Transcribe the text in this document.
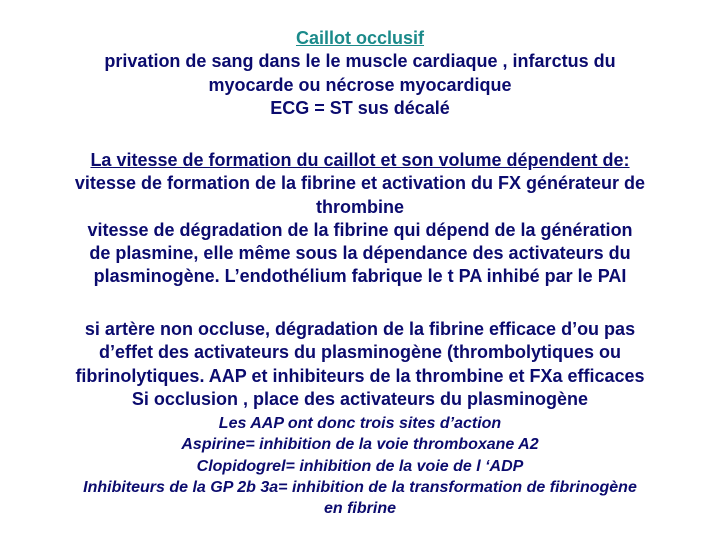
Caillot occlusif
privation de sang dans le le muscle cardiaque , infarctus du
myocarde ou nécrose myocardique
ECG = ST sus décalé
La vitesse de formation du caillot et son volume dépendent de:
vitesse de formation de la fibrine et activation du FX générateur de
thrombine
vitesse de dégradation de la fibrine qui dépend de la génération
de plasmine, elle même sous la dépendance des activateurs du
plasminogène. L’endothélium fabrique le t PA inhibé par le PAI
si artère non occluse, dégradation de la fibrine efficace d’ou pas
d’effet des activateurs du plasminogène (thrombolytiques ou
fibrinolytiques. AAP et inhibiteurs de la thrombine et FXa efficaces
Si occlusion , place des activateurs du plasminogène
Les AAP ont donc trois sites d’action
Aspirine= inhibition de la voie thromboxane A2
Clopidogrel= inhibition de la voie de l ‘ADP
Inhibiteurs de la GP 2b 3a= inhibition de la transformation de fibrinogène
en fibrine
